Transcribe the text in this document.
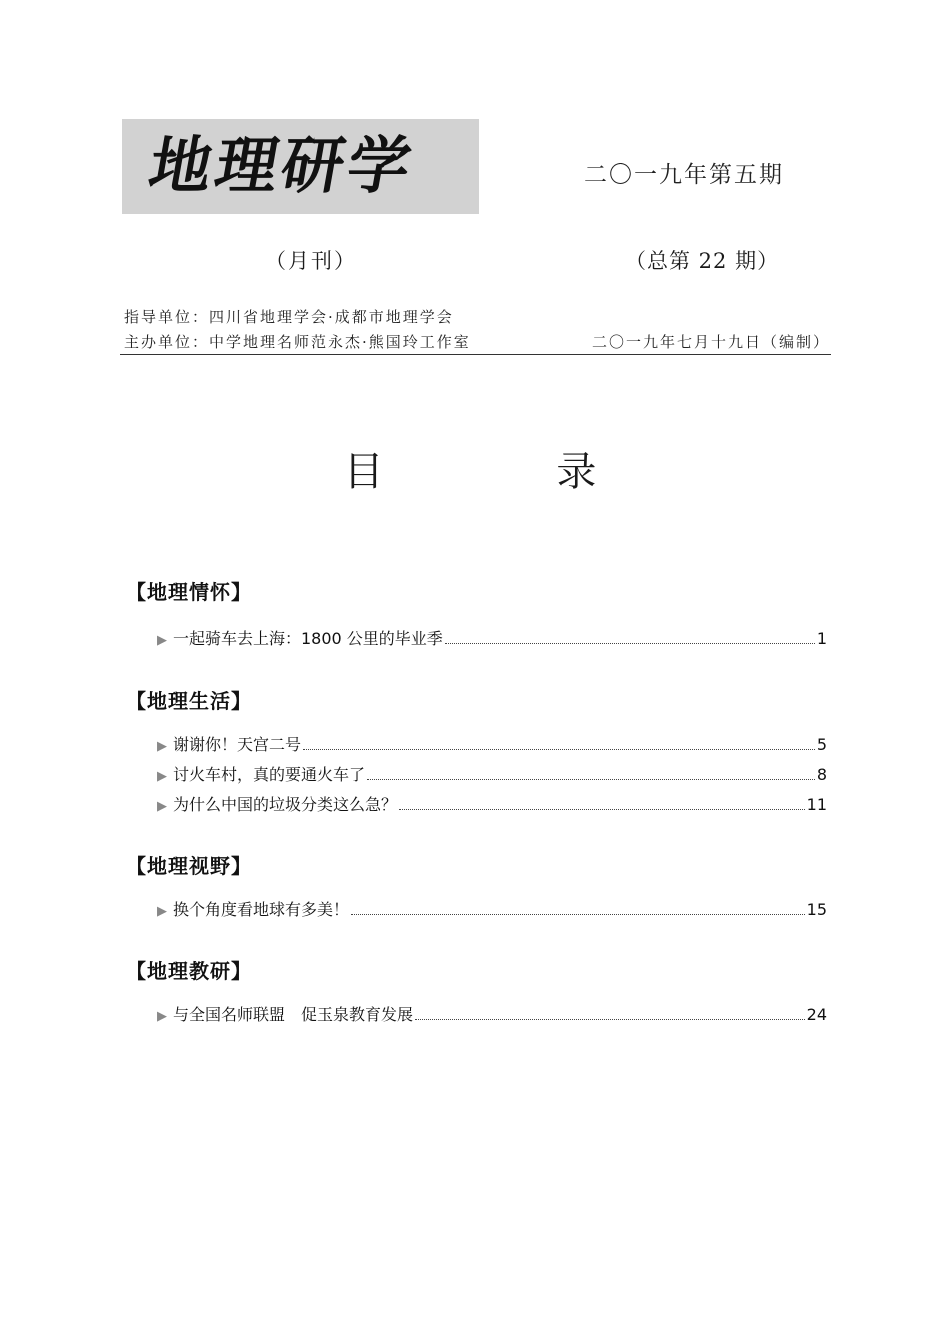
地理研学	二〇一九年第五期
（月刊）	（总第 22 期）
指导单位：四川省地理学会·成都市地理学会
主办单位：中学地理名师范永杰·熊国玲工作室	二〇一九年七月十九日（编制）
目 录
【地理情怀】
▶ 一起骑车去上海：1800 公里的毕业季	1
【地理生活】
▶ 谢谢你！天宫二号	5
▶ 讨火车村，真的要通火车了	8
▶ 为什么中国的垃圾分类这么急？	11
【地理视野】
▶ 换个角度看地球有多美！	15
【地理教研】
▶ 与全国名师联盟　促玉泉教育发展	24
